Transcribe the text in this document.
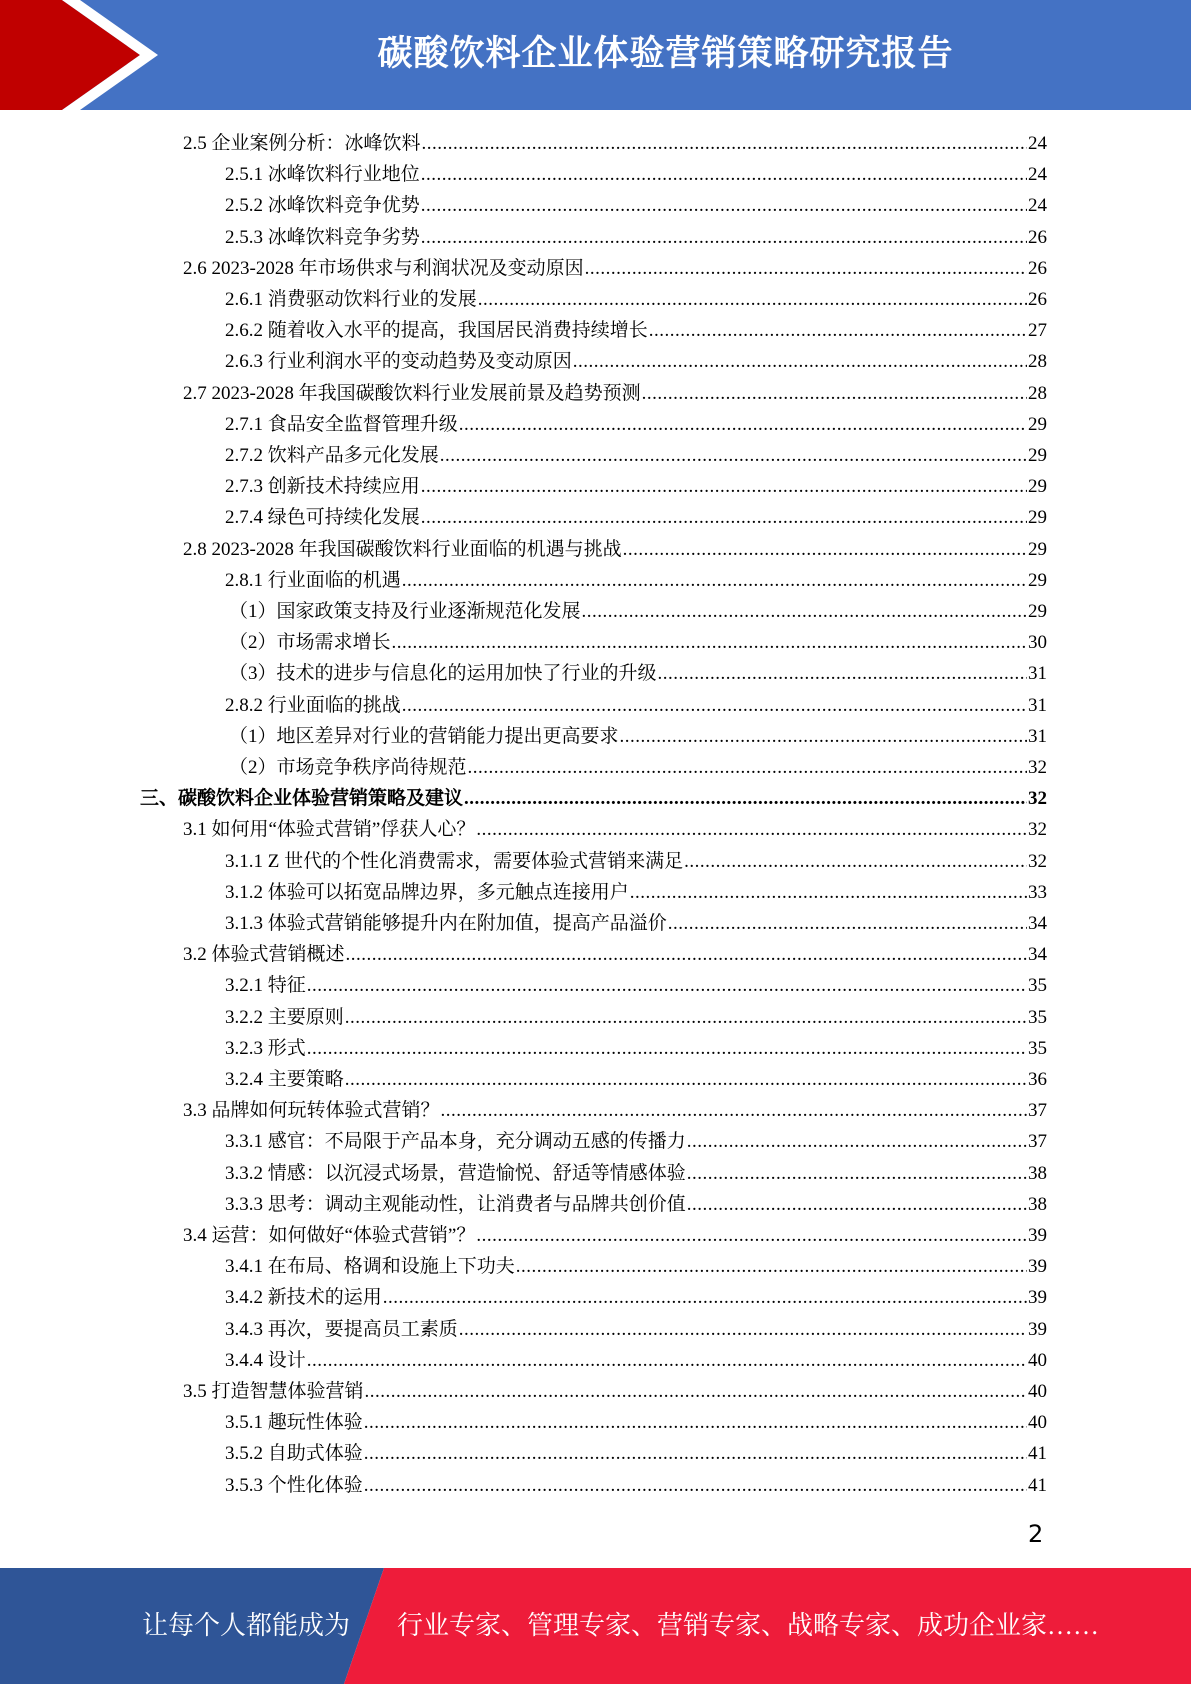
碳酸饮料企业体验营销策略研究报告
2.5 企业案例分析：冰峰饮料 .....	24
2.5.1 冰峰饮料行业地位 .....	24
2.5.2 冰峰饮料竞争优势 .....	24
2.5.3 冰峰饮料竞争劣势 .....	26
2.6 2023-2028 年市场供求与利润状况及变动原因 .....	26
2.6.1 消费驱动饮料行业的发展 .....	26
2.6.2 随着收入水平的提高，我国居民消费持续增长 .....	27
2.6.3 行业利润水平的变动趋势及变动原因 .....	28
2.7 2023-2028 年我国碳酸饮料行业发展前景及趋势预测 .....	28
2.7.1 食品安全监督管理升级 .....	29
2.7.2 饮料产品多元化发展 .....	29
2.7.3 创新技术持续应用 .....	29
2.7.4 绿色可持续化发展 .....	29
2.8 2023-2028 年我国碳酸饮料行业面临的机遇与挑战 .....	29
2.8.1 行业面临的机遇 .....	29
（1）国家政策支持及行业逐渐规范化发展 .....	29
（2）市场需求增长 .....	30
（3）技术的进步与信息化的运用加快了行业的升级 .....	31
2.8.2 行业面临的挑战 .....	31
（1）地区差异对行业的营销能力提出更高要求 .....	31
（2）市场竞争秩序尚待规范 .....	32
三、碳酸饮料企业体验营销策略及建议 .....	32
3.1 如何用“体验式营销”俘获人心？ .....	32
3.1.1 Z 世代的个性化消费需求，需要体验式营销来满足 .....	32
3.1.2 体验可以拓宽品牌边界，多元触点连接用户 .....	33
3.1.3 体验式营销能够提升内在附加值，提高产品溢价 .....	34
3.2 体验式营销概述 .....	34
3.2.1 特征 .....	35
3.2.2 主要原则 .....	35
3.2.3 形式 .....	35
3.2.4 主要策略 .....	36
3.3 品牌如何玩转体验式营销？ .....	37
3.3.1 感官：不局限于产品本身，充分调动五感的传播力 .....	37
3.3.2 情感：以沉浸式场景，营造愉悦、舒适等情感体验 .....	38
3.3.3 思考：调动主观能动性，让消费者与品牌共创价值 .....	38
3.4 运营：如何做好“体验式营销”？ .....	39
3.4.1 在布局、格调和设施上下功夫 .....	39
3.4.2 新技术的运用 .....	39
3.4.3 再次，要提高员工素质 .....	39
3.4.4 设计 .....	40
3.5 打造智慧体验营销 .....	40
3.5.1 趣玩性体验 .....	40
3.5.2 自助式体验 .....	41
3.5.3 个性化体验 .....	41
2
让每个人都能成为 行业专家、管理专家、营销专家、战略专家、成功企业家……
